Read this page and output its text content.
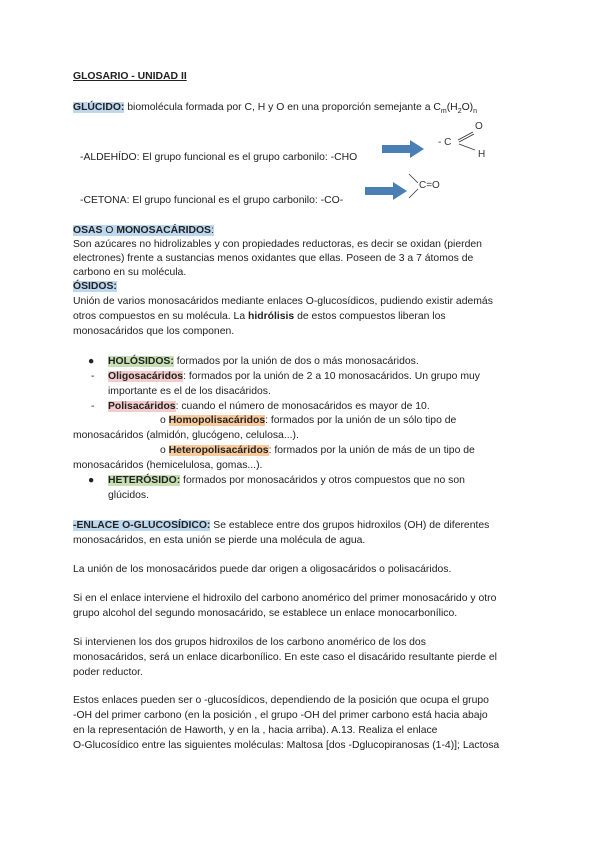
GLOSARIO - UNIDAD II
GLÚCIDO: biomolécula formada por C, H y O en una proporción semejante a $C_m(H_2O)_n$
-ALDEHÍDO: El grupo funcional es el grupo carbonilo: -CHO
- C
O
H
-CETONA: El grupo funcional es el grupo carbonilo: -CO-
C=O
OSAS O MONOSACÁRIDOS:
Son azúcares no hidrolizables y con propiedades reductoras, es decir se oxidan (pierden
electrones) frente a sustancias menos oxidantes que ellas. Poseen de 3 a 7 átomos de
carbono en su molécula.
ÓSIDOS:
Unión de varios monosacáridos mediante enlaces O-glucosídicos, pudiendo existir además
otros compuestos en su molécula. La hidrólisis de estos compuestos liberan los
monosacáridos que los componen.
● HOLÓSIDOS: formados por la unión de dos o más monosacáridos.
- Oligosacáridos: formados por la unión de 2 a 10 monosacáridos. Un grupo muy
importante es el de los disacáridos.
- Polisacáridos: cuando el número de monosacáridos es mayor de 10.
o Homopolisacáridos: formados por la unión de un sólo tipo de
monosacáridos (almidón, glucógeno, celulosa...).
o Heteropolisacáridos: formados por la unión de más de un tipo de
monosacáridos (hemicelulosa, gomas...).
● HETERÓSIDO: formados por monosacáridos y otros compuestos que no son
glúcidos.
-ENLACE O-GLUCOSÍDICO: Se establece entre dos grupos hidroxilos (OH) de diferentes
monosacáridos, en esta unión se pierde una molécula de agua.
La unión de los monosacáridos puede dar origen a oligosacáridos o polisacáridos.
Si en el enlace interviene el hidroxilo del carbono anomérico del primer monosacárido y otro
grupo alcohol del segundo monosacárido, se establece un enlace monocarbonílico.
Si intervienen los dos grupos hidroxilos de los carbono anomérico de los dos
monosacáridos, será un enlace dicarbonílico. En este caso el disacárido resultante pierde el
poder reductor.
Estos enlaces pueden ser o -glucosídicos, dependiendo de la posición que ocupa el grupo
-OH del primer carbono (en la posición , el grupo -OH del primer carbono está hacia abajo
en la representación de Haworth, y en la , hacia arriba). A.13. Realiza el enlace
O-Glucosídico entre las siguientes moléculas: Maltosa [dos -Dglucopiranosas (1-4)]; Lactosa
